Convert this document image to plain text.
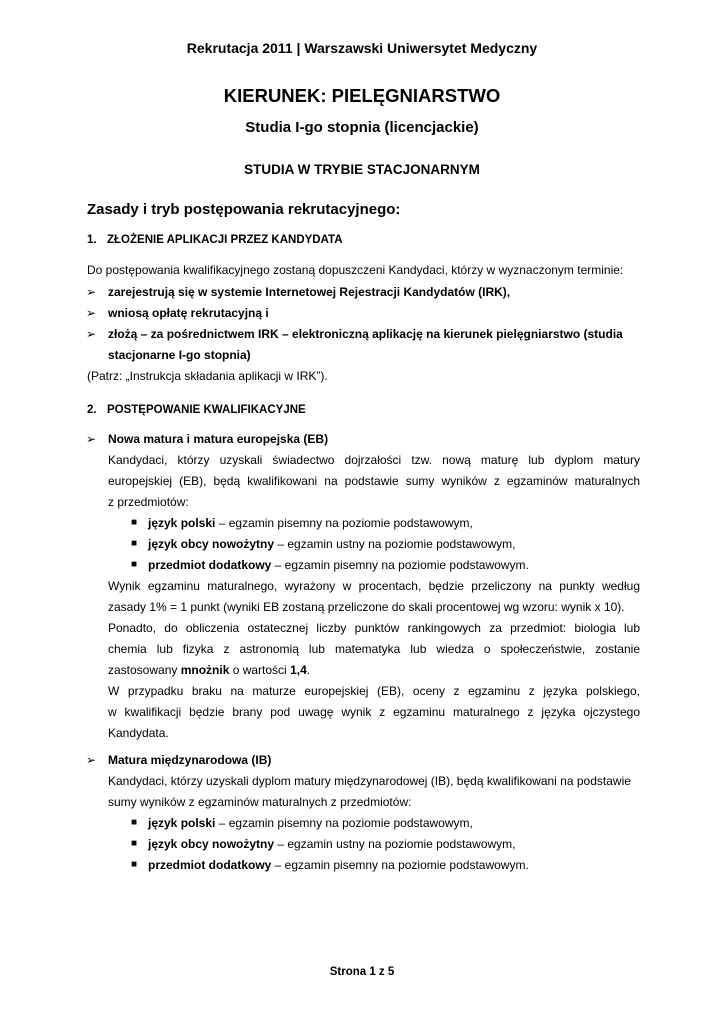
Rekrutacja 2011 | Warszawski Uniwersytet Medyczny
KIERUNEK: PIELĘGNIARSTWO
Studia I-go stopnia (licencjackie)
STUDIA W TRYBIE STACJONARNYM
Zasady i tryb postępowania rekrutacyjnego:
1. ZŁOŻENIE APLIKACJI PRZEZ KANDYDATA
Do postępowania kwalifikacyjnego zostaną dopuszczeni Kandydaci, którzy w wyznaczonym terminie:
➢ zarejestrują się w systemie Internetowej Rejestracji Kandydatów (IRK),
➢ wniosą opłatę rekrutacyjną i
➢ złożą – za pośrednictwem IRK – elektroniczną aplikację na kierunek pielęgniarstwo (studia
stacjonarne I-go stopnia)
(Patrz: „Instrukcja składania aplikacji w IRK”).
2. POSTĘPOWANIE KWALIFIKACYJNE
➢ Nowa matura i matura europejska (EB)
Kandydaci, którzy uzyskali świadectwo dojrzałości tzw. nową maturę lub dyplom matury
europejskiej (EB), będą kwalifikowani na podstawie sumy wyników z egzaminów maturalnych
z przedmiotów:
■ język polski – egzamin pisemny na poziomie podstawowym,
■ język obcy nowożytny – egzamin ustny na poziomie podstawowym,
■ przedmiot dodatkowy – egzamin pisemny na poziomie podstawowym.
Wynik egzaminu maturalnego, wyrażony w procentach, będzie przeliczony na punkty według
zasady 1% = 1 punkt (wyniki EB zostaną przeliczone do skali procentowej wg wzoru: wynik x 10).
Ponadto, do obliczenia ostatecznej liczby punktów rankingowych za przedmiot: biologia lub
chemia lub fizyka z astronomią lub matematyka lub wiedza o społeczeństwie, zostanie
zastosowany mnożnik o wartości 1,4.
W przypadku braku na maturze europejskiej (EB), oceny z egzaminu z języka polskiego,
w kwalifikacji będzie brany pod uwagę wynik z egzaminu maturalnego z języka ojczystego
Kandydata.
➢ Matura międzynarodowa (IB)
Kandydaci, którzy uzyskali dyplom matury międzynarodowej (IB), będą kwalifikowani na podstawie
sumy wyników z egzaminów maturalnych z przedmiotów:
■ język polski – egzamin pisemny na poziomie podstawowym,
■ język obcy nowożytny – egzamin ustny na poziomie podstawowym,
■ przedmiot dodatkowy – egzamin pisemny na poziomie podstawowym.
Strona 1 z 5
